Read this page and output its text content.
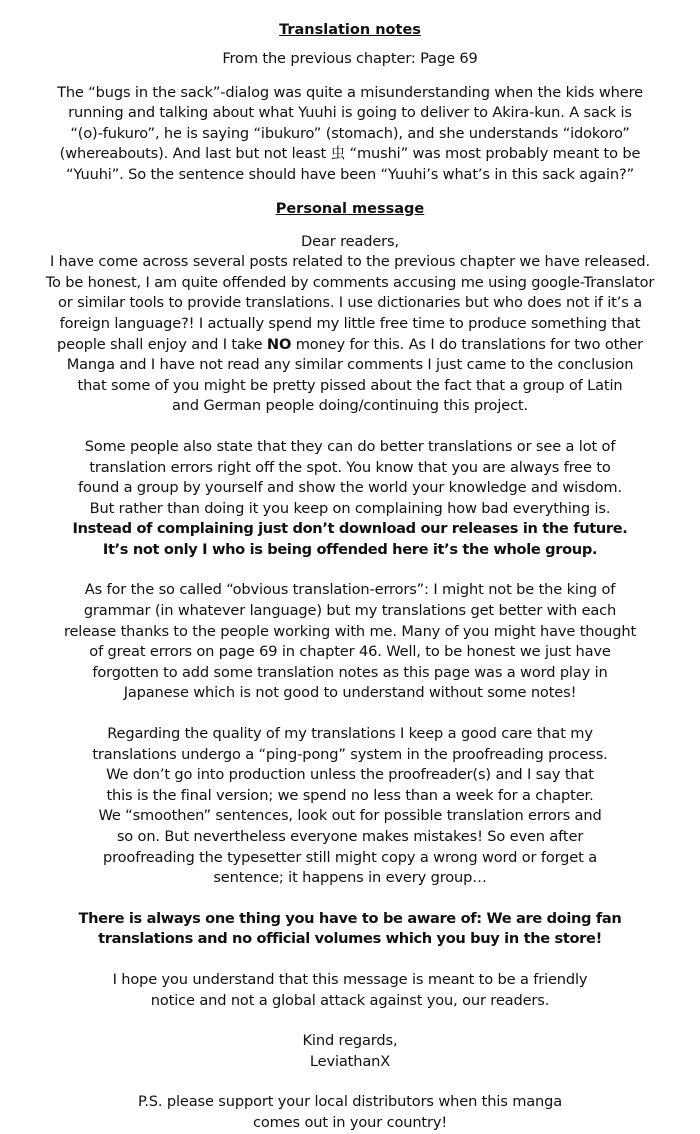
Translation notes

From the previous chapter: Page 69

The “bugs in the sack”-dialog was quite a misunderstanding when the kids where

running and talking about what Yuuhi is going to deliver to Akira-kun. A sack is

“(o)-fukuro”, he is saying “ibukuro” (stomach), and she understands “idokoro”

(whereabouts). And last but not least 虫 “mushi” was most probably meant to be

“Yuuhi”. So the sentence should have been “Yuuhi’s what’s in this sack again?”

Personal message

Dear readers,

I have come across several posts related to the previous chapter we have released.

To be honest, I am quite offended by comments accusing me using google-Translator

or similar tools to provide translations. I use dictionaries but who does not if it’s a

foreign language?! I actually spend my little free time to produce something that

people shall enjoy and I take NO money for this. As I do translations for two other

Manga and I have not read any similar comments I just came to the conclusion

that some of you might be pretty pissed about the fact that a group of Latin

and German people doing/continuing this project.

Some people also state that they can do better translations or see a lot of

translation errors right off the spot. You know that you are always free to

found a group by yourself and show the world your knowledge and wisdom.

But rather than doing it you keep on complaining how bad everything is.

Instead of complaining just don’t download our releases in the future.

It’s not only I who is being offended here it’s the whole group.

As for the so called “obvious translation-errors”: I might not be the king of

grammar (in whatever language) but my translations get better with each

release thanks to the people working with me. Many of you might have thought

of great errors on page 69 in chapter 46. Well, to be honest we just have

forgotten to add some translation notes as this page was a word play in

Japanese which is not good to understand without some notes!

Regarding the quality of my translations I keep a good care that my

translations undergo a “ping-pong” system in the proofreading process.

We don’t go into production unless the proofreader(s) and I say that

this is the final version; we spend no less than a week for a chapter.

We “smoothen” sentences, look out for possible translation errors and

so on. But nevertheless everyone makes mistakes! So even after

proofreading the typesetter still might copy a wrong word or forget a

sentence; it happens in every group…

There is always one thing you have to be aware of: We are doing fan

translations and no official volumes which you buy in the store!

I hope you understand that this message is meant to be a friendly

notice and not a global attack against you, our readers.

Kind regards,

LeviathanX

P.S. please support your local distributors when this manga

comes out in your country!
